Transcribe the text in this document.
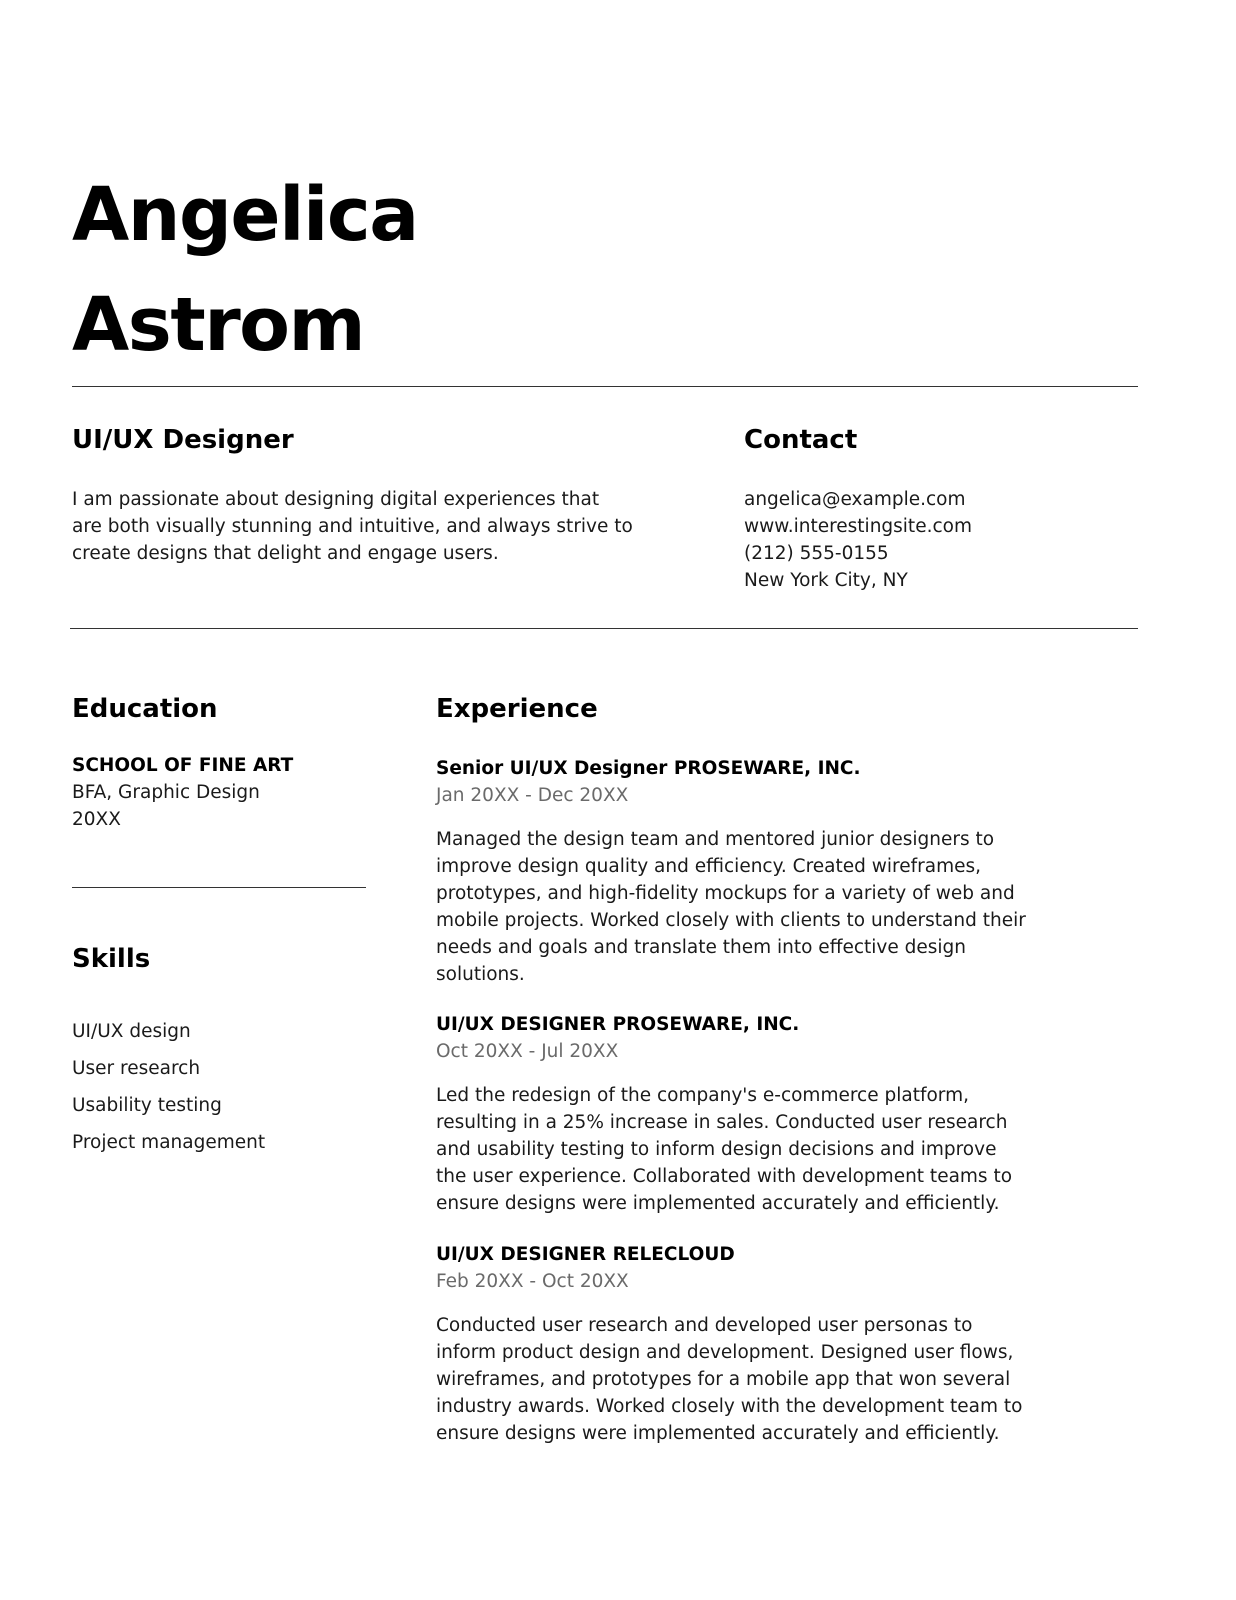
Angelica
Astrom
UI/UX Designer
I am passionate about designing digital experiences that
are both visually stunning and intuitive, and always strive to
create designs that delight and engage users.
Contact
angelica@example.com
www.interestingsite.com
(212) 555-0155
New York City, NY
Education
SCHOOL OF FINE ART
BFA, Graphic Design
20XX
Skills
UI/UX design
User research
Usability testing
Project management
Experience
Senior UI/UX Designer PROSEWARE, INC.
Jan 20XX - Dec 20XX
Managed the design team and mentored junior designers to
improve design quality and efficiency. Created wireframes,
prototypes, and high-fidelity mockups for a variety of web and
mobile projects. Worked closely with clients to understand their
needs and goals and translate them into effective design
solutions.
UI/UX DESIGNER PROSEWARE, INC.
Oct 20XX - Jul 20XX
Led the redesign of the company's e-commerce platform,
resulting in a 25% increase in sales. Conducted user research
and usability testing to inform design decisions and improve
the user experience. Collaborated with development teams to
ensure designs were implemented accurately and efficiently.
UI/UX DESIGNER RELECLOUD
Feb 20XX - Oct 20XX
Conducted user research and developed user personas to
inform product design and development. Designed user flows,
wireframes, and prototypes for a mobile app that won several
industry awards. Worked closely with the development team to
ensure designs were implemented accurately and efficiently.
